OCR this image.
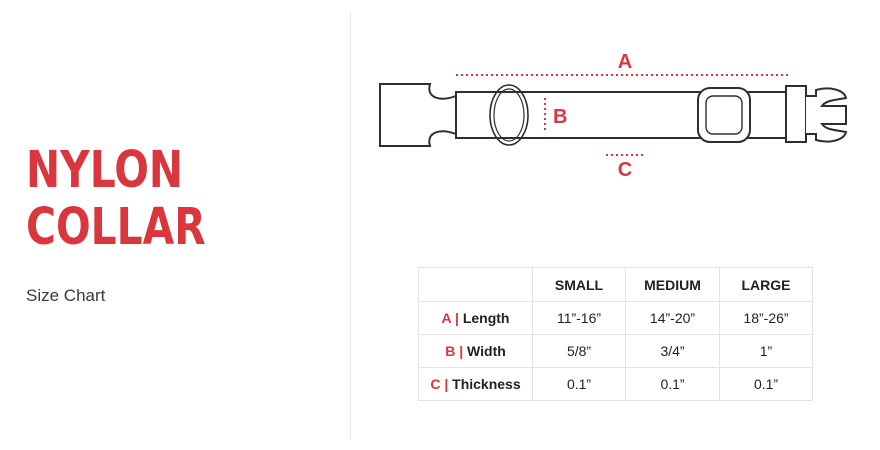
NYLON
COLLAR
Size Chart
A
B
C
	SMALL	MEDIUM	LARGE
A | Length	11”-16”	14”-20”	18”-26”
B | Width	5/8”	3/4”	1”
C | Thickness	0.1”	0.1”	0.1”
